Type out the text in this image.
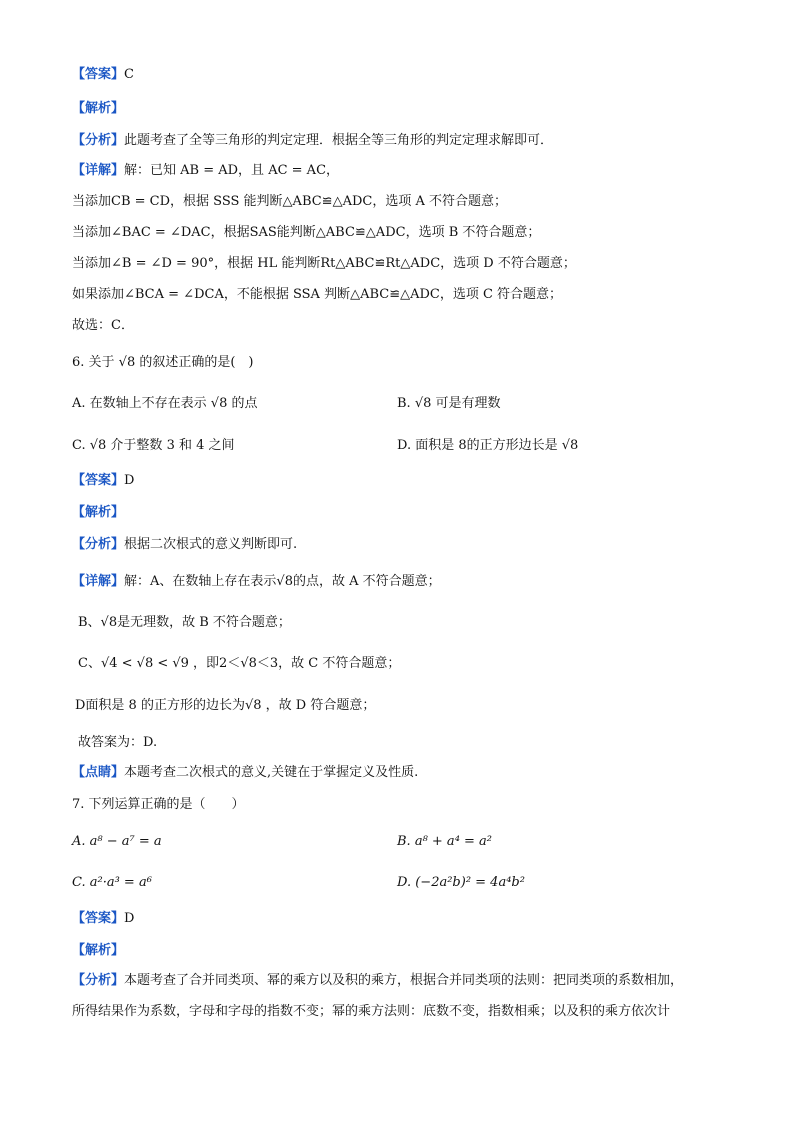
【答案】C
【解析】
【分析】此题考查了全等三角形的判定定理．根据全等三角形的判定定理求解即可．
【详解】解：已知 AB = AD，且 AC = AC，
当添加CB = CD，根据 SSS 能判断△ABC≌△ADC，选项 A 不符合题意；
当添加∠BAC = ∠DAC，根据SAS能判断△ABC≌△ADC，选项 B 不符合题意；
当添加∠B = ∠D = 90°，根据 HL 能判断Rt△ABC≌Rt△ADC，选项 D 不符合题意；
如果添加∠BCA = ∠DCA，不能根据 SSA 判断△ABC≌△ADC，选项 C 符合题意；
故选：C．
6. 关于 √8 的叙述正确的是(　)
A. 在数轴上不存在表示 √8 的点	B. √8 可是有理数
C. √8 介于整数 3 和 4 之间	D. 面积是 8的正方形边长是 √8
【答案】D
【解析】
【分析】根据二次根式的意义判断即可.
【详解】解：A、在数轴上存在表示√8的点，故 A 不符合题意；
B、√8是无理数，故 B 不符合题意；
C、√4 < √8 < √9 ，即2＜√8＜3，故 C 不符合题意；
D面积是 8 的正方形的边长为√8 ，故 D 符合题意；
故答案为：D.
【点睛】本题考查二次根式的意义,关键在于掌握定义及性质.
7. 下列运算正确的是（　　）
A. a⁸ − a⁷ = a	B. a⁸ + a⁴ = a²
C. a²·a³ = a⁶	D. (−2a²b)² = 4a⁴b²
【答案】D
【解析】
【分析】本题考查了合并同类项、幂的乘方以及积的乘方，根据合并同类项的法则：把同类项的系数相加，
所得结果作为系数，字母和字母的指数不变；幂的乘方法则：底数不变，指数相乘；以及积的乘方依次计
